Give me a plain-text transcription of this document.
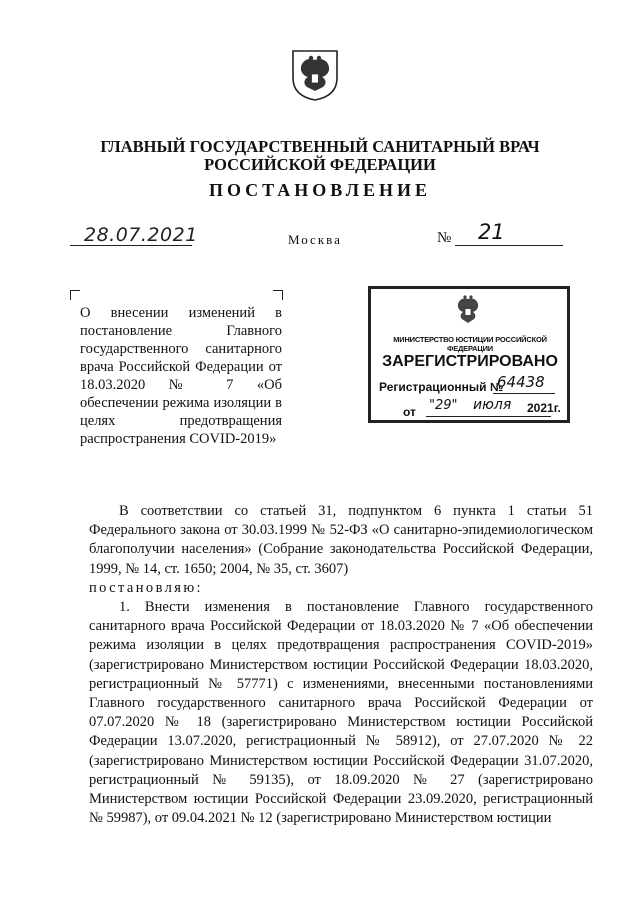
ГЛАВНЫЙ ГОСУДАРСТВЕННЫЙ САНИТАРНЫЙ ВРАЧ
РОССИЙСКОЙ ФЕДЕРАЦИИ
ПОСТАНОВЛЕНИЕ
28.07.2021	Москва	№ 21
О внесении изменений в постановление Главного государственного санитарного врача Российской Федерации от 18.03.2020 № 7 «Об обеспечении режима изоляции в целях предотвращения распространения COVID-2019»
МИНИСТЕРСТВО ЮСТИЦИИ РОССИЙСКОЙ ФЕДЕРАЦИИ
ЗАРЕГИСТРИРОВАНО
Регистрационный №
64438
от "29" июля 2021г.

В соответствии со статьей 31, подпунктом 6 пункта 1 статьи 51 Федерального закона от 30.03.1999 № 52-ФЗ «О санитарно-эпидемиологическом благополучии населения» (Собрание законодательства Российской Федерации, 1999, № 14, ст. 1650; 2004, № 35, ст. 3607)

постановляю:

1. Внести изменения в постановление Главного государственного санитарного врача Российской Федерации от 18.03.2020 № 7 «Об обеспечении режима изоляции в целях предотвращения распространения COVID-2019» (зарегистрировано Министерством юстиции Российской Федерации 18.03.2020, регистрационный № 57771) с изменениями, внесенными постановлениями Главного государственного санитарного врача Российской Федерации от 07.07.2020 № 18 (зарегистрировано Министерством юстиции Российской Федерации 13.07.2020, регистрационный № 58912), от 27.07.2020 № 22 (зарегистрировано Министерством юстиции Российской Федерации 31.07.2020, регистрационный № 59135), от 18.09.2020 № 27 (зарегистрировано Министерством юстиции Российской Федерации 23.09.2020, регистрационный № 59987), от 09.04.2021 № 12 (зарегистрировано Министерством юстиции
